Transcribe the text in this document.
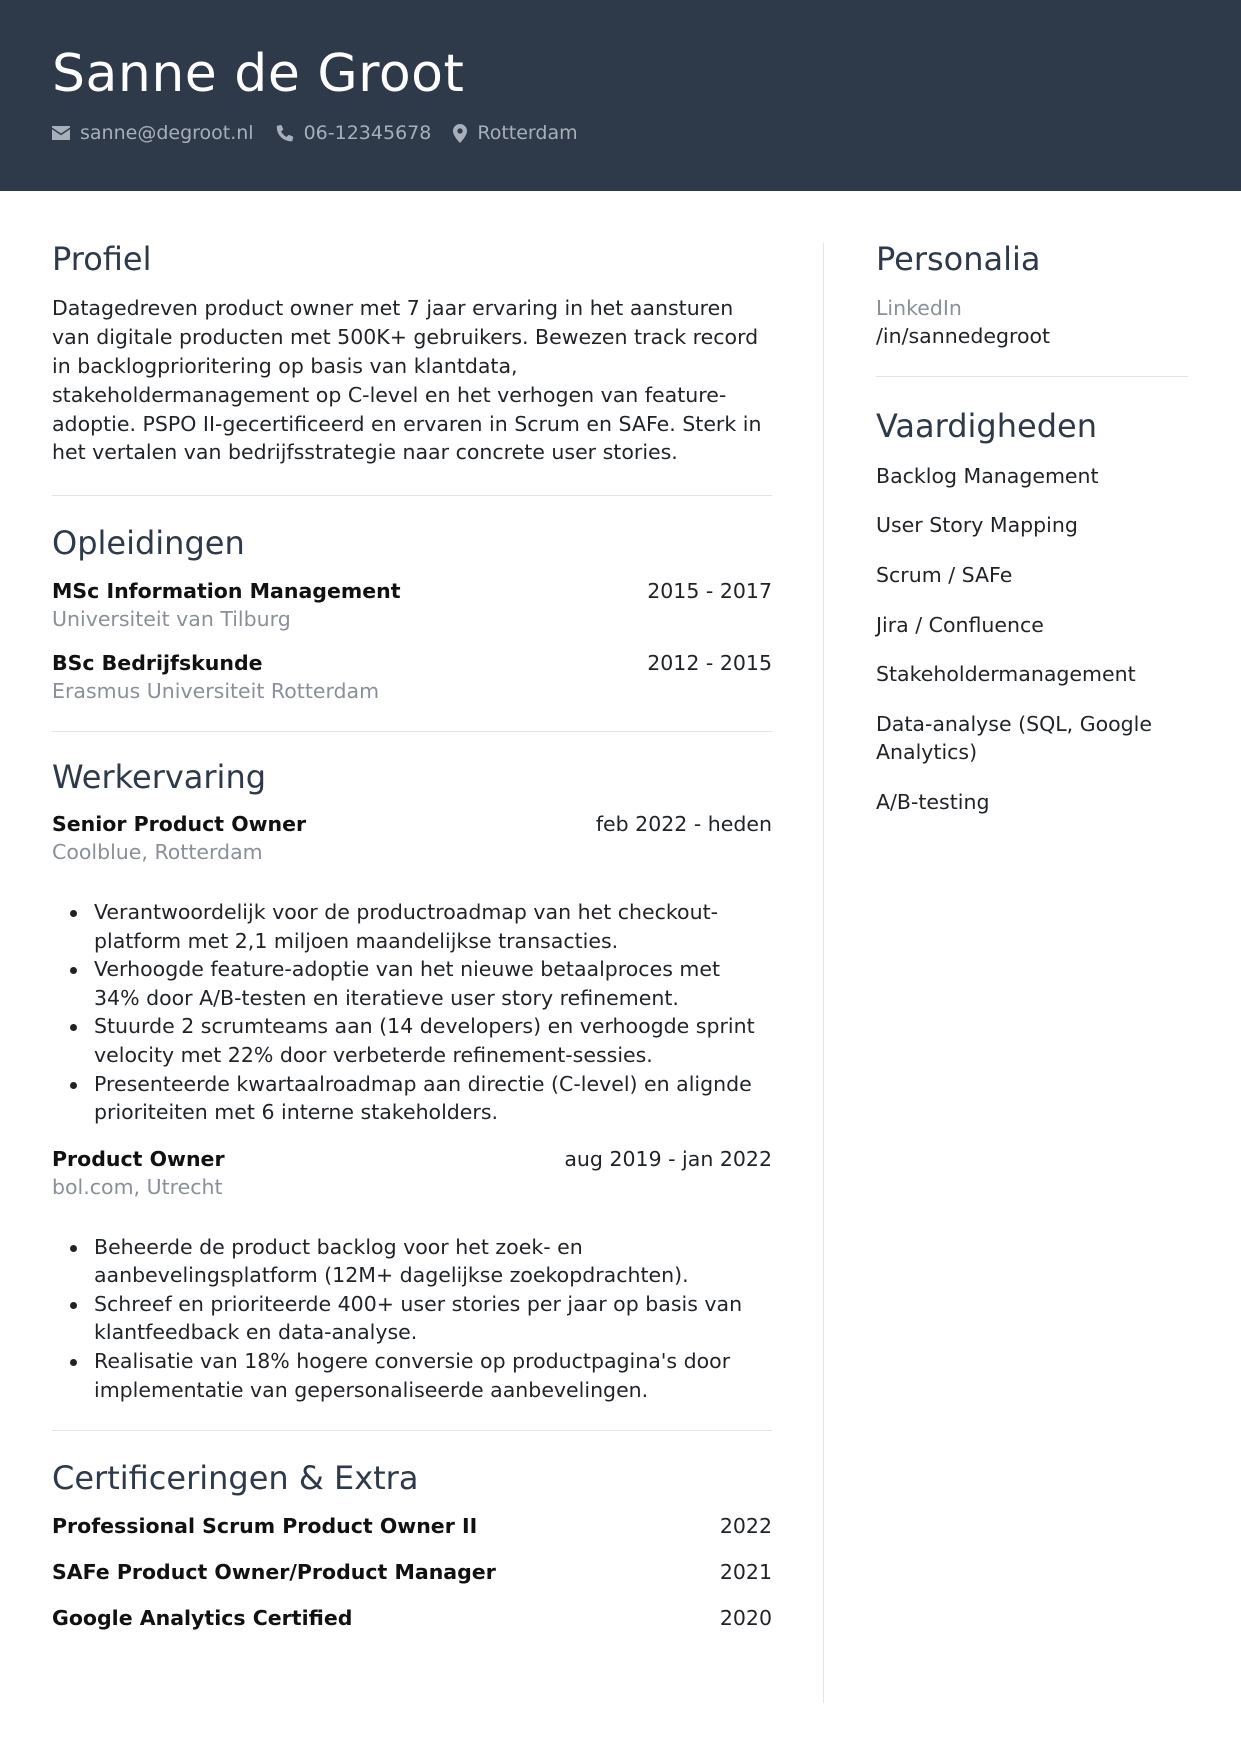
Sanne de Groot
sanne@degroot.nl	06-12345678 Rotterdam
Profiel

Datagedreven product owner met 7 jaar ervaring in het aansturen van digitale producten met 500K+ gebruikers. Bewezen track record in backlogprioritering op basis van klantdata, stakeholdermanagement op C-level en het verhogen van feature-adoptie. PSPO II-gecertificeerd en ervaren in Scrum en SAFe. Sterk in het vertalen van bedrijfsstrategie naar concrete user stories.

Opleidingen
MSc Information Management	2015 - 2017
Universiteit van Tilburg
BSc Bedrijfskunde	2012 - 2015
Erasmus Universiteit Rotterdam
Werkervaring
Senior Product Owner	feb 2022 - heden
Coolblue, Rotterdam
Verantwoordelijk voor de productroadmap van het checkout-platform met 2,1 miljoen maandelijkse transacties.
Verhoogde feature-adoptie van het nieuwe betaalproces met 34% door A/B-testen en iteratieve user story refinement.
Stuurde 2 scrumteams aan (14 developers) en verhoogde sprint velocity met 22% door verbeterde refinement-sessies.
Presenteerde kwartaalroadmap aan directie (C-level) en alignde prioriteiten met 6 interne stakeholders.
Product Owner	aug 2019 - jan 2022
bol.com, Utrecht
Beheerde de product backlog voor het zoek- en aanbevelingsplatform (12M+ dagelijkse zoekopdrachten).
Schreef en prioriteerde 400+ user stories per jaar op basis van klantfeedback en data-analyse.
Realisatie van 18% hogere conversie op productpagina's door implementatie van gepersonaliseerde aanbevelingen.
Certificeringen & Extra
Professional Scrum Product Owner II	2022
SAFe Product Owner/Product Manager	2021
Google Analytics Certified	2020
Personalia
LinkedIn
/in/sannedegroot
Vaardigheden
Backlog Management
User Story Mapping
Scrum / SAFe
Jira / Confluence
Stakeholdermanagement
Data-analyse (SQL, Google Analytics)
A/B-testing
